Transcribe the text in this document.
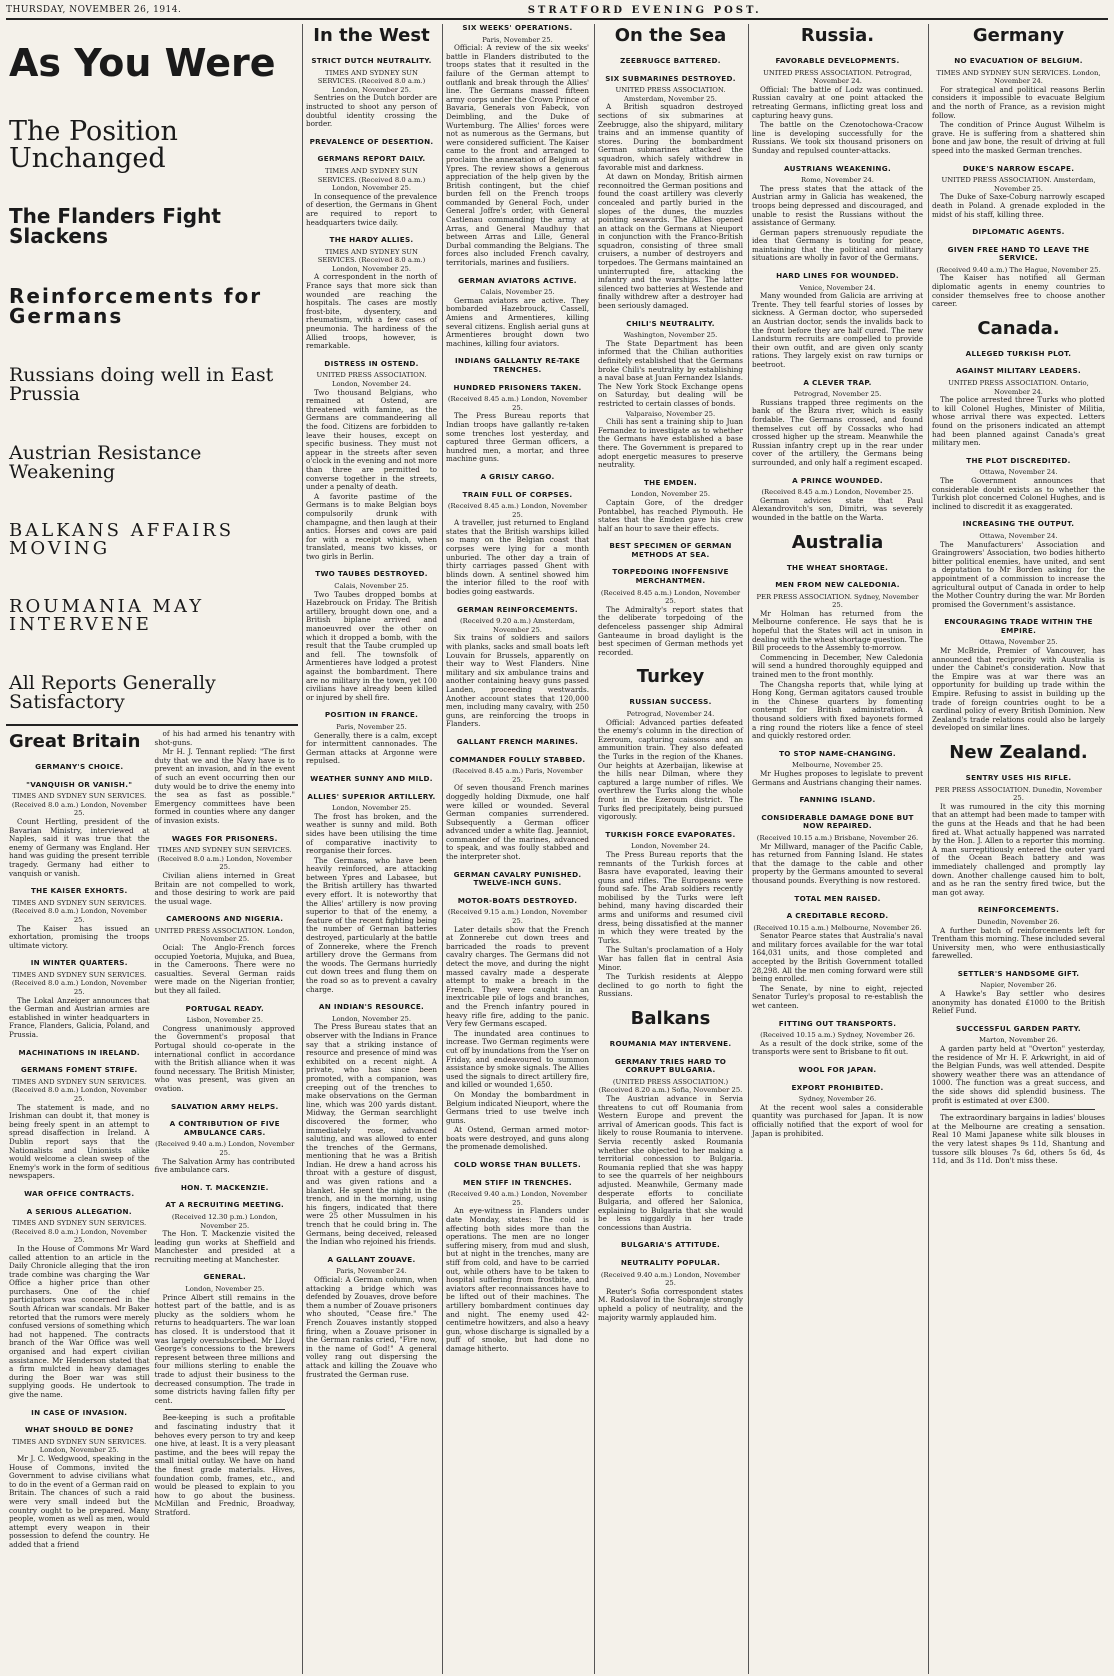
THURSDAY, NOVEMBER 26, 1914.	STRATFORD EVENING POST.
As You Were
The Position Unchanged
The Flanders Fight Slackens
Reinforcements for Germans
Russians doing well in East Prussia
Austrian Resistance Weakening
BALKANS AFFAIRS MOVING
ROUMANIA MAY INTERVENE
All Reports Generally Satisfactory
Great Britain
GERMANY'S CHOICE.
"VANQUISH OR VANISH."
TIMES AND SYDNEY SUN SERVICES. (Received 8.0 a.m.) London, November 25.
Count Hertling, president of the Bavarian Ministry, interviewed at Naples, said it was true that the enemy of Germany was England. Her hand was guiding the present terrible tragedy. Germany had either to vanquish or vanish.
THE KAISER EXHORTS.
TIMES AND SYDNEY SUN SERVICES. (Received 8.0 a.m.) London, November 25.
The Kaiser has issued an exhortation, promising the troops ultimate victory.
IN WINTER QUARTERS.
TIMES AND SYDNEY SUN SERVICES. (Received 8.0 a.m.) London, November 25.
The Lokal Anzeiger announces that the German and Austrian armies are established in winter headquarters in France, Flanders, Galicia, Poland, and Prussia.
MACHINATIONS IN IRELAND.
GERMANS FOMENT STRIFE.
TIMES AND SYDNEY SUN SERVICES. (Received 8.0 a.m.) London, November 25.
The statement is made, and no Irishman can doubt it, that money is being freely spent in an attempt to spread disaffection in Ireland. A Dublin report says that the Nationalists and Unionists alike would welcome a clean sweep of the Enemy's work in the form of seditious newspapers.
WAR OFFICE CONTRACTS.
A SERIOUS ALLEGATION.
TIMES AND SYDNEY SUN SERVICES. (Received 8.0 a.m.) London, November 25.
In the House of Commons Mr Ward called attention to an article in the Daily Chronicle alleging that the iron trade combine was charging the War Office a higher price than other purchasers. One of the chief participators was concerned in the South African war scandals. Mr Baker retorted that the rumors were merely confused versions of something which had not happened. The contracts branch of the War Office was well organised and had expert civilian assistance. Mr Henderson stated that a firm mulcted in heavy damages during the Boer war was still supplying goods. He undertook to give the name.
IN CASE OF INVASION.
WHAT SHOULD BE DONE?
TIMES AND SYDNEY SUN SERVICES. London, November 25.
Mr J. C. Wedgwood, speaking in the House of Commons, invited the Government to advise civilians what to do in the event of a German raid on Britain. The chances of such a raid were very small indeed but the country ought to be prepared. Many people, women as well as men, would attempt every weapon in their possession to defend the country. He added that a friend
of his had armed his tenantry with shot-guns.
Mr H. J. Tennant replied: "The first duty that we and the Navy have is to prevent an invasion, and in the event of such an event occurring then our duty would be to drive the enemy into the sea as fast as possible." Emergency committees have been formed in counties where any danger of invasion exists.
WAGES FOR PRISONERS.
TIMES AND SYDNEY SUN SERVICES. (Received 8.0 a.m.) London, November 25.
Civilian aliens interned in Great Britain are not compelled to work, and those desiring to work are paid the usual wage.
CAMEROONS AND NIGERIA.
UNITED PRESS ASSOCIATION. London, November 25.
Ocial: The Anglo-French forces occupied Yoetoria, Mujuka, and Buea, in the Cameroons. There were no casualties. Several German raids were made on the Nigerian frontier, but they all failed.
PORTUGAL READY.
Lisbon, November 25.
Congress unanimously approved the Government's proposal that Portugal should co-operate in the international conflict in accordance with the British alliance when it was found necessary. The British Minister, who was present, was given an ovation.
SALVATION ARMY HELPS.
A CONTRIBUTION OF FIVE AMBULANCE CARS.
(Received 9.40 a.m.) London, November 25.
The Salvation Army has contributed five ambulance cars.
HON. T. MACKENZIE.
AT A RECRUITING MEETING.
(Received 12.30 p.m.) London, November 25.
The Hon. T. Mackenzie visited the leading gun works at Sheffield and Manchester and presided at a recruiting meeting at Manchester.
GENERAL.
London, November 25.
Prince Albert still remains in the hottest part of the battle, and is as plucky as the soldiers whom he returns to headquarters. The war loan has closed. It is understood that it was largely oversubscribed. Mr Lloyd George's concessions to the brewers represent between three millions and four millions sterling to enable the trade to adjust their business to the decreased consumption. The trade in some districts having fallen fifty per cent.
Bee-keeping is such a profitable and fascinating industry that it behoves every person to try and keep one hive, at least. It is a very pleasant pastime, and the bees will repay the small initial outlay. We have on hand the finest grade materials. Hives, foundation comb, frames, etc., and would be pleased to explain to you how to go about the business. McMillan and Frednic, Broadway, Stratford.
In the West
STRICT DUTCH NEUTRALITY.
TIMES AND SYDNEY SUN SERVICES. (Received 8.0 a.m.) London, November 25.
Sentries on the Dutch border are instructed to shoot any person of doubtful identity crossing the border.
PREVALENCE OF DESERTION.
GERMANS REPORT DAILY.
TIMES AND SYDNEY SUN SERVICES. (Received 8.0 a.m.) London, November 25.
In consequence of the prevalence of desertion, the Germans in Ghent are required to report to headquarters twice daily.
THE HARDY ALLIES.
TIMES AND SYDNEY SUN SERVICES. (Received 8.0 a.m.) London, November 25.
A correspondent in the north of France says that more sick than wounded are reaching the hospitals. The cases are mostly frost-bite, dysentery, and rheumatism, with a few cases of pneumonia. The hardiness of the Allied troops, however, is remarkable.
DISTRESS IN OSTEND.
UNITED PRESS ASSOCIATION. London, November 24.
Two thousand Belgians, who remained at Ostend, are threatened with famine, as the Germans are commandeering all the food. Citizens are forbidden to leave their houses, except on specific business. They must not appear in the streets after seven o'clock in the evening and not more than three are permitted to converse together in the streets, under a penalty of death.
A favorite pastime of the Germans is to make Belgian boys compulsorily drunk with champagne, and then laugh at their antics. Horses and cows are paid for with a receipt which, when translated, means two kisses, or two girls in Berlin.
TWO TAUBES DESTROYED.
Calais, November 25.
Two Taubes dropped bombs at Hazebrouck on Friday. The British artillery, brought down one, and a British biplane arrived and manoeuvred over the other on which it dropped a bomb, with the result that the Taube crumpled up and fell. The townsfolk of Armentieres have lodged a protest against the bombardment. There are no military in the town, yet 100 civilians have already been killed or injured by shell fire.
POSITION IN FRANCE.
Paris, November 25.
Generally, there is a calm, except for intermittent cannonades. The German attacks at Argonne were repulsed.
WEATHER SUNNY AND MILD.
ALLIES' SUPERIOR ARTILLERY.
London, November 25.
The frost has broken, and the weather is sunny and mild. Both sides have been utilising the time of comparative inactivity to reorganise their forces.
The Germans, who have been heavily reinforced, are attacking between Ypres and Labasee, but the British artillery has thwarted every effort. It is noteworthy that the Allies' artillery is now proving superior to that of the enemy, a feature of the recent fighting being the number of German batteries destroyed, particularly at the battle of Zonnereke, where the French artillery drove the Germans from the woods. The Germans hurriedly cut down trees and flung them on the road so as to prevent a cavalry charge.
AN INDIAN'S RESOURCE.
London, November 25.
The Press Bureau states that an observer with the Indians in France say that a striking instance of resource and presence of mind was exhibited on a recent night. A private, who has since been promoted, with a companion, was creeping out of the trenches to make observations on the German line, which was 200 yards distant. Midway, the German searchlight discovered the former, who immediately rose, advanced saluting, and was allowed to enter the trenches of the Germans, mentioning that he was a British Indian. He drew a hand across his throat with a gesture of disgust, and was given rations and a blanket. He spent the night in the trench, and in the morning, using his fingers, indicated that there were 25 other Mussulmen in his trench that he could bring in. The Germans, being deceived, released the Indian who rejoined his friends.
A GALLANT ZOUAVE.
Paris, November 24.
Official: A German column, when attacking a bridge which was defended by Zouaves, drove before them a number of Zouave prisoners who shouted, "Cease fire." The French Zouaves instantly stopped firing, when a Zouave prisoner in the German ranks cried, "Fire now, in the name of God!" A general volley rang out dispersing the attack and killing the Zouave who frustrated the German ruse.
SIX WEEKS' OPERATIONS.
Paris, November 25.
Official: A review of the six weeks' battle in Flanders distributed to the troops states that it resulted in the failure of the German attempt to outflank and break through the Allies' line. The Germans massed fifteen army corps under the Crown Prince of Bavaria, Generals von Fabeck, von Deimbling, and the Duke of Wurtemburg. The Allies' forces were not as numerous as the Germans, but were considered sufficient. The Kaiser came to the front and arranged to proclaim the annexation of Belgium at Ypres. The review shows a generous appreciation of the help given by the British contingent, but the chief burden fell on the French troops commanded by General Foch, under General Joffre's order, with General Castlenau commanding the army at Arras, and General Maudhuy that between Arras and Lille, General Durbal commanding the Belgians. The forces also included French cavalry, territorials, marines and fusiliers.
GERMAN AVIATORS ACTIVE.
Calais, November 25.
German aviators are active. They bombarded Hazebrouck, Cassell, Amiens and Armentieres, killing several citizens. English aerial guns at Armentieres brought down two machines, killing four aviators.
INDIANS GALLANTLY RE-TAKE TRENCHES.
HUNDRED PRISONERS TAKEN.
(Received 8.45 a.m.) London, November 25.
The Press Bureau reports that Indian troops have gallantly re-taken some trenches lost yesterday, and captured three German officers, a hundred men, a mortar, and three machine guns.
A GRISLY CARGO.
TRAIN FULL OF CORPSES.
(Received 8.45 a.m.) London, November 25.
A traveller, just returned to England states that the British warships killed so many on the Belgian coast that corpses were lying for a month unburied. The other day a train of thirty carriages passed Ghent with blinds down. A sentinel showed him the interior filled to the roof with bodies going eastwards.
GERMAN REINFORCEMENTS.
(Received 9.20 a.m.) Amsterdam, November 25.
Six trains of soldiers and sailors with planks, sacks and small boats left Louvain for Brussels, apparently on their way to West Flanders. Nine military and six ambulance trains and another containing heavy guns passed Landen, proceeding westwards. Another account states that 120,000 men, including many cavalry, with 250 guns, are reinforcing the troops in Flanders.
GALLANT FRENCH MARINES.
COMMANDER FOULLY STABBED.
(Received 8.45 a.m.) Paris, November 25.
Of seven thousand French marines doggedly holding Dixmude, one half were killed or wounded. Several German companies surrendered. Subsequently a German officer advanced under a white flag. Jeanniot, commander of the marines, advanced to speak, and was foully stabbed and the interpreter shot.
GERMAN CAVALRY PUNISHED. TWELVE-INCH GUNS.
MOTOR-BOATS DESTROYED.
(Received 9.15 a.m.) London, November 25.
Later details show that the French at Zonnerebe cut down trees and barricaded the roads to prevent cavalry charges. The Germans did not detect the move, and during the night massed cavalry made a desperate attempt to make a breach in the French. They were caught in an inextricable pile of logs and branches, and the French infantry poured in heavy rifle fire, adding to the panic. Very few Germans escaped.
The inundated area continues to increase. Two German regiments were cut off by inundations from the Yser on Friday, and endeavoured to summon assistance by smoke signals. The Allies used the signals to direct artillery fire, and killed or wounded 1,650.
On Monday the bombardment in Belgium indicated Nieuport, where the Germans tried to use twelve inch guns.
At Ostend, German armed motor-boats were destroyed, and guns along the promenade demolished.
COLD WORSE THAN BULLETS.
MEN STIFF IN TRENCHES.
(Received 9.40 a.m.) London, November 25.
An eye-witness in Flanders under date Monday, states: The cold is affecting both sides more than the operations. The men are no longer suffering misery, from mud and slush, but at night in the trenches, many are stiff from cold, and have to be carried out, while others have to be taken to hospital suffering from frostbite, and aviators after reconnaissances have to be lifted out of their machines. The artillery bombardment continues day and night. The enemy used 42-centimetre howitzers, and also a heavy gun, whose discharge is signalled by a puff of smoke, but had done no damage hitherto.
On the Sea
ZEEBRUGCE BATTERED.
SIX SUBMARINES DESTROYED.
UNITED PRESS ASSOCIATION. Amsterdam, November 25.
A British squadron destroyed sections of six submarines at Zeebrugge, also the shipyard, military trains and an immense quantity of stores. During the bombardment German submarines attacked the squadron, which safely withdrew in favorable mist and darkness.
At dawn on Monday, British airmen reconnoitred the German positions and found the coast artillery was cleverly concealed and partly buried in the slopes of the dunes, the muzzles pointing seawards. The Allies opened an attack on the Germans at Nieuport in conjunction with the Franco-British squadron, consisting of three small cruisers, a number of destroyers and torpedoes. The Germans maintained an uninterrupted fire, attacking the infantry and the warships. The latter silenced two batteries at Westende and finally withdrew after a destroyer had been seriously damaged.
CHILI'S NEUTRALITY.
Washington, November 25.
The State Department has been informed that the Chilian authorities definitely established that the Germans broke Chili's neutrality by establishing a naval base at Juan Fernandez Islands. The New York Stock Exchange opens on Saturday, but dealing will be restricted to certain classes of bonds.
Valparaiso, November 25.
Chili has sent a training ship to Juan Fernandez to investigate as to whether the Germans have established a base there. The Government is prepared to adopt energetic measures to preserve neutrality.
THE EMDEN.
London, November 25.
Captain Gore, of the dredger Pontabbel, has reached Plymouth. He states that the Emden gave his crew half an hour to save their effects.
BEST SPECIMEN OF GERMAN METHODS AT SEA.
TORPEDOING INOFFENSIVE MERCHANTMEN.
(Received 8.45 a.m.) London, November 25.
The Admiralty's report states that the deliberate torpedoing of the defenceless passenger ship Admiral Ganteaume in broad daylight is the best specimen of German methods yet recorded.
Turkey
RUSSIAN SUCCESS.
Petrograd, November 24.
Official: Advanced parties defeated the enemy's column in the direction of Ezeroum, capturing caissons and an ammunition train. They also defeated the Turks in the region of the Khanes. Our heights at Azerbaijan, likewise at the hills near Dilman, where they captured a large number of rifles. We overthrew the Turks along the whole front in the Ezeroum district. The Turks fled precipitately, being pursued vigorously.
TURKISH FORCE EVAPORATES.
London, November 24.
The Press Bureau reports that the remnants of the Turkish forces at Basra have evaporated, leaving their guns and rifles. The Europeans were found safe. The Arab soldiers recently mobilised by the Turks were left behind, many having discarded their arms and uniforms and resumed civil dress, being dissatisfied at the manner in which they were treated by the Turks.
The Sultan's proclamation of a Holy War has fallen flat in central Asia Minor.
The Turkish residents at Aleppo declined to go north to fight the Russians.
Balkans
ROUMANIA MAY INTERVENE.
GERMANY TRIES HARD TO CORRUPT BULGARIA.
(UNITED PRESS ASSOCIATION.) (Received 8.20 a.m.) Sofia, November 25.
The Austrian advance in Servia threatens to cut off Roumania from Western Europe and prevent the arrival of American goods. This fact is likely to rouse Roumania to intervene. Servia recently asked Roumania whether she objected to her making a territorial concession to Bulgaria. Roumania replied that she was happy to see the quarrels of her neighbours adjusted. Meanwhile, Germany made desperate efforts to conciliate Bulgaria, and offered her Salonica, explaining to Bulgaria that she would be less niggardly in her trade concessions than Austria.
BULGARIA'S ATTITUDE.
NEUTRALITY POPULAR.
(Received 9.40 a.m.) London, November 25.
Reuter's Sofia correspondent states M. Radoslavof in the Sobranje strongly upheld a policy of neutrality, and the majority warmly applauded him.
Russia.
FAVORABLE DEVELOPMENTS.
UNITED PRESS ASSOCIATION. Petrograd, November 24.
Official: The battle of Lodz was continued. Russian cavalry at one point attacked the retreating Germans, inflicting great loss and capturing heavy guns.
The battle on the Czenotochowa-Cracow line is developing successfully for the Russians. We took six thousand prisoners on Sunday and repulsed counter-attacks.
AUSTRIANS WEAKENING.
Rome, November 24.
The press states that the attack of the Austrian army in Galicia has weakened, the troops being depressed and discouraged, and unable to resist the Russians without the assistance of Germany.
German papers strenuously repudiate the idea that Germany is touting for peace, maintaining that the political and military situations are wholly in favor of the Germans.
HARD LINES FOR WOUNDED.
Venice, November 24.
Many wounded from Galicia are arriving at Trente. They tell fearful stories of losses by sickness. A German doctor, who superseded an Austrian doctor, sends the invalids back to the front before they are half cured. The new Landsturm recruits are compelled to provide their own outfit, and are given only scanty rations. They largely exist on raw turnips or beetroot.
A CLEVER TRAP.
Petrograd, November 25.
Russians trapped three regiments on the bank of the Bzura river, which is easily fordable. The Germans crossed, and found themselves cut off by Cossacks who had crossed higher up the stream. Meanwhile the Russian infantry crept up in the rear under cover of the artillery, the Germans being surrounded, and only half a regiment escaped.
A PRINCE WOUNDED.
(Received 8.45 a.m.) London, November 25.
German advices state that Paul Alexandrovitch's son, Dimitri, was severely wounded in the battle on the Warta.
Australia
THE WHEAT SHORTAGE.
MEN FROM NEW CALEDONIA.
PER PRESS ASSOCIATION. Sydney, November 25.
Mr Holman has returned from the Melbourne conference. He says that he is hopeful that the States will act in unison in dealing with the wheat shortage question. The Bill proceeds to the Assembly to-morrow.
Commencing in December, New Caledonia will send a hundred thoroughly equipped and trained men to the front monthly.
The Changsha reports that, while lying at Hong Kong, German agitators caused trouble in the Chinese quarters by fomenting contempt for British administration. A thousand soldiers with fixed bayonets formed a ring round the rioters like a fence of steel and quickly restored order.
TO STOP NAME-CHANGING.
Melbourne, November 25.
Mr Hughes proposes to legislate to prevent Germans and Austrians changing their names.
FANNING ISLAND.
CONSIDERABLE DAMAGE DONE BUT NOW REPAIRED.
(Received 10.15 a.m.) Brisbane, November 26.
Mr Millward, manager of the Pacific Cable, has returned from Fanning Island. He states that the damage to the cable and other property by the Germans amounted to several thousand pounds. Everything is now restored.
TOTAL MEN RAISED.
A CREDITABLE RECORD.
(Received 10.15 a.m.) Melbourne, November 26.
Senator Pearce states that Australia's naval and military forces available for the war total 164,031 units, and those completed and accepted by the British Government totalled 28,298. All the men coming forward were still being enrolled.
The Senate, by nine to eight, rejected Senator Turley's proposal to re-establish the wet canteen.
FITTING OUT TRANSPORTS.
(Received 10.15 a.m.) Sydney, November 26.
As a result of the dock strike, some of the transports were sent to Brisbane to fit out.
WOOL FOR JAPAN.
EXPORT PROHIBITED.
Sydney, November 26.
At the recent wool sales a considerable quantity was purchased for Japan. It is now officially notified that the export of wool for Japan is prohibited.
Germany
NO EVACUATION OF BELGIUM.
TIMES AND SYDNEY SUN SERVICES. London, November 24.
For strategical and political reasons Berlin considers it impossible to evacuate Belgium and the north of France, as a revision might follow.
The condition of Prince August Wilhelm is grave. He is suffering from a shattered shin bone and jaw bone, the result of driving at full speed into the masked German trenches.
DUKE'S NARROW ESCAPE.
UNITED PRESS ASSOCIATION. Amsterdam, November 25.
The Duke of Saxe-Coburg narrowly escaped death in Poland. A grenade exploded in the midst of his staff, killing three.
DIPLOMATIC AGENTS.
GIVEN FREE HAND TO LEAVE THE SERVICE.
(Received 9.40 a.m.) The Hague, November 25.
The Kaiser has notified all German diplomatic agents in enemy countries to consider themselves free to choose another career.
Canada.
ALLEGED TURKISH PLOT.
AGAINST MILITARY LEADERS.
UNITED PRESS ASSOCIATION. Ontario, November 24.
The police arrested three Turks who plotted to kill Colonel Hughes, Minister of Militia, whose arrival there was expected. Letters found on the prisoners indicated an attempt had been planned against Canada's great military men.
THE PLOT DISCREDITED.
Ottawa, November 24.
The Government announces that considerable doubt exists as to whether the Turkish plot concerned Colonel Hughes, and is inclined to discredit it as exaggerated.
INCREASING THE OUTPUT.
Ottawa, November 24.
The Manufacturers' Association and Graingrowers' Association, two bodies hitherto bitter political enemies, have united, and sent a deputation to Mr Borden asking for the appointment of a commission to increase the agricultural output of Canada in order to help the Mother Country during the war. Mr Borden promised the Government's assistance.
ENCOURAGING TRADE WITHIN THE EMPIRE.
Ottawa, November 25.
Mr McBride, Premier of Vancouver, has announced that reciprocity with Australia is under the Cabinet's consideration. Now that the Empire was at war there was an opportunity for building up trade within the Empire. Refusing to assist in building up the trade of foreign countries ought to be a cardinal policy of every British Dominion. New Zealand's trade relations could also be largely developed on similar lines.
New Zealand.
SENTRY USES HIS RIFLE.
PER PRESS ASSOCIATION. Dunedin, November 25.
It was rumoured in the city this morning that an attempt had been made to tamper with the guns at the Heads and that he had been fired at. What actually happened was narrated by the Hon. J. Allen to a reporter this morning. A man surreptitiously entered the outer yard of the Ocean Beach battery and was immediately challenged and promptly lay down. Another challenge caused him to bolt, and as he ran the sentry fired twice, but the man got away.
REINFORCEMENTS.
Dunedin, November 26.
A further batch of reinforcements left for Trentham this morning. These included several University men, who were enthusiastically farewelled.
SETTLER'S HANDSOME GIFT.
Napier, November 26.
A Hawke's Bay settler who desires anonymity has donated £1000 to the British Relief Fund.
SUCCESSFUL GARDEN PARTY.
Marton, November 26.
A garden party held at "Overton" yesterday, the residence of Mr H. F. Arkwright, in aid of the Belgian Funds, was well attended. Despite showery weather there was an attendance of 1000. The function was a great success, and the side shows did splendid business. The profit is estimated at over £300.
The extraordinary bargains in ladies' blouses at the Melbourne are creating a sensation. Real 10 Mami Japanese white silk blouses in the very latest shapes 9s 11d, Shantung and tussore silk blouses 7s 6d, others 5s 6d, 4s 11d, and 3s 11d. Don't miss these.
